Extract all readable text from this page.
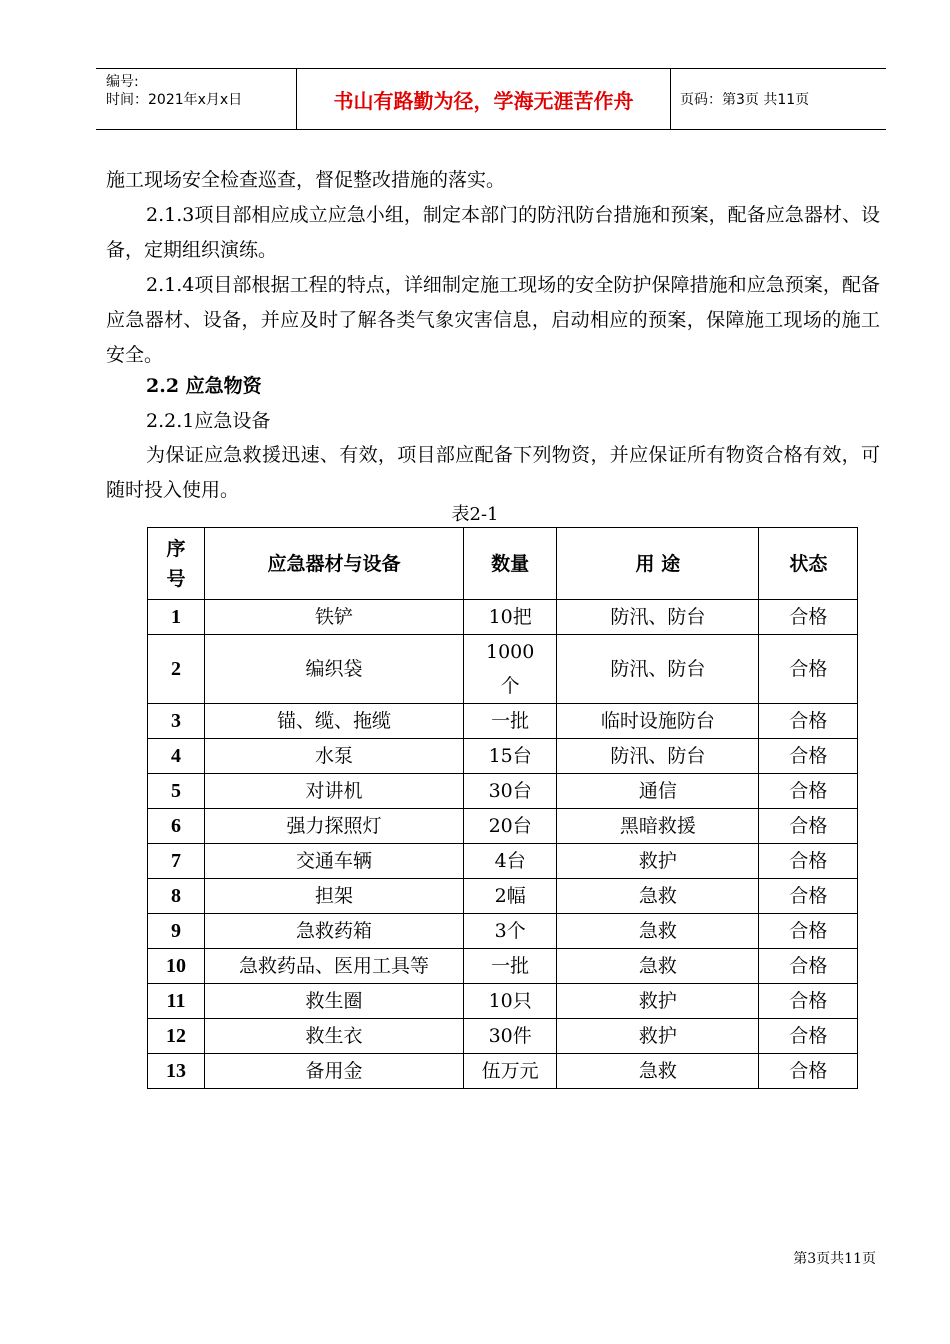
编号:
时间：2021年x月x日	书山有路勤为径，学海无涯苦作舟	页码：第3页 共11页

施工现场安全检查巡查，督促整改措施的落实。

2.1.3项目部相应成立应急小组，制定本部门的防汛防台措施和预案，配备应急器材、设备，定期组织演练。

2.1.4项目部根据工程的特点，详细制定施工现场的安全防护保障措施和应急预案，配备应急器材、设备，并应及时了解各类气象灾害信息，启动相应的预案，保障施工现场的施工安全。

2.2 应急物资
2.2.1应急设备

为保证应急救援迅速、有效，项目部应配备下列物资，并应保证所有物资合格有效，可随时投入使用。

表2-1
序号	应急器材与设备	数量	用 途	状态
1	铁铲	10把	防汛、防台	合格
2	编织袋	1000个	防汛、防台	合格
3	锚、缆、拖缆	一批	临时设施防台	合格
4	水泵	15台	防汛、防台	合格
5	对讲机	30台	通信	合格
6	强力探照灯	20台	黑暗救援	合格
7	交通车辆	4台	救护	合格
8	担架	2幅	急救	合格
9	急救药箱	3个	急救	合格
10	急救药品、医用工具等	一批	急救	合格
11	救生圈	10只	救护	合格
12	救生衣	30件	救护	合格
13	备用金	伍万元	急救	合格
第3页共11页
